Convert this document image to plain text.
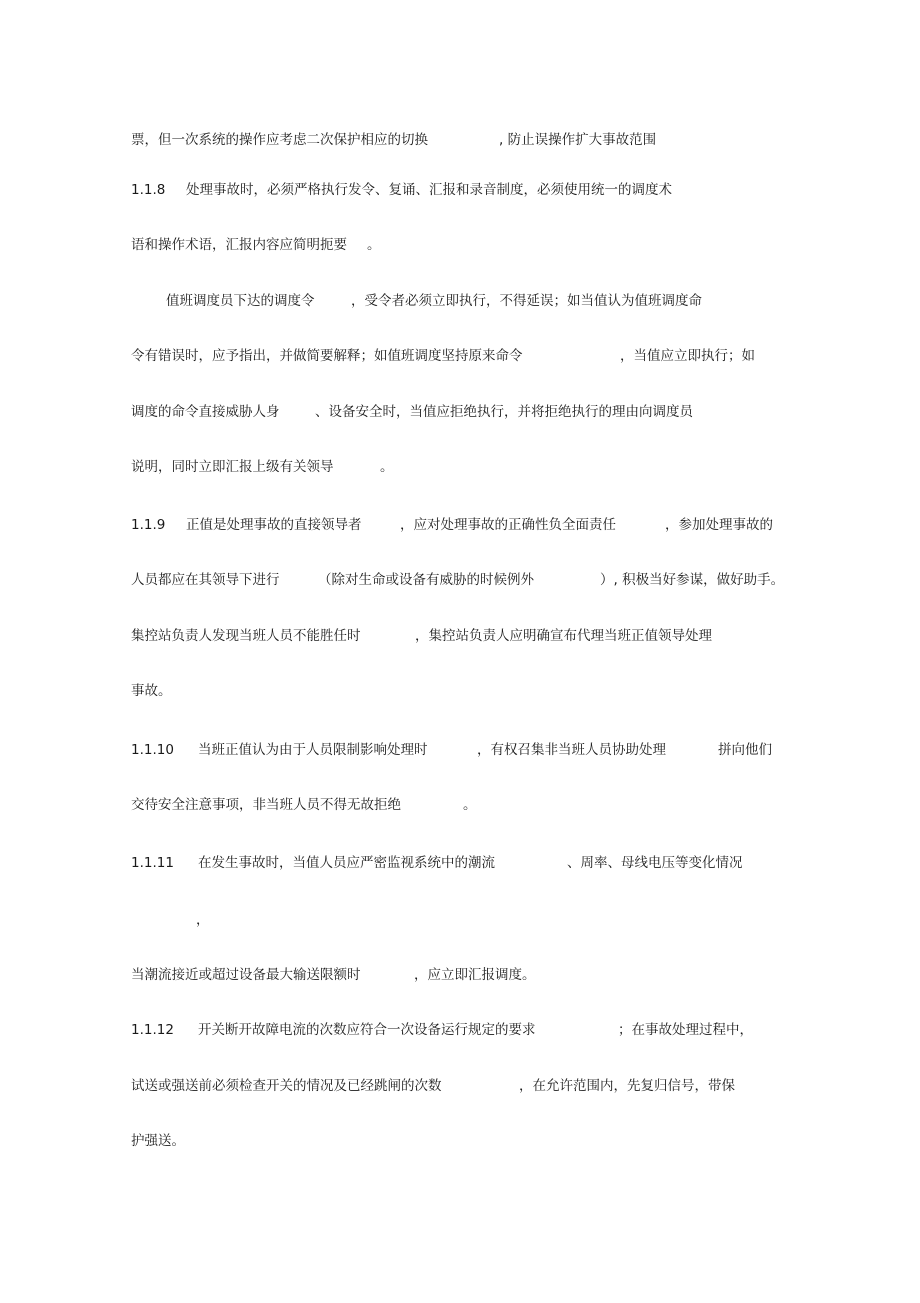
票，但一次系统的操作应考虑二次保护相应的切换	, 防止误操作扩大事故范围
1.1.8 处理事故时，必须严格执行发令、复诵、汇报和录音制度，必须使用统一的调度术
语和操作术语，汇报内容应简明扼要 。
值班调度员下达的调度令	，受令者必须立即执行，不得延误；如当值认为值班调度命
令有错误时，应予指出，并做简要解释；如值班调度坚持原来命令	，当值应立即执行；如
调度的命令直接威胁人身	、设备安全时，当值应拒绝执行，并将拒绝执行的理由向调度员
说明，同时立即汇报上级有关领导	。
1.1.9 正值是处理事故的直接领导者	，应对处理事故的正确性负全面责任	，参加处理事故的
人员都应在其领导下进行	（除对生命或设备有威胁的时候例外	）, 积极当好参谋，做好助手。
集控站负责人发现当班人员不能胜任时	，集控站负责人应明确宣布代理当班正值领导处理
事故。
1.1.10 当班正值认为由于人员限制影响处理时	，有权召集非当班人员协助处理	拼向他们
交待安全注意事项，非当班人员不得无故拒绝	。
1.1.11 在发生事故时，当值人员应严密监视系统中的潮流	、周率、母线电压等变化情况
，
当潮流接近或超过设备最大输送限额时	，应立即汇报调度。
1.1.12 开关断开故障电流的次数应符合一次设备运行规定的要求	；在事故处理过程中，
试送或强送前必须检查开关的情况及已经跳闸的次数	，在允许范围内，先复归信号，带保
护强送。
